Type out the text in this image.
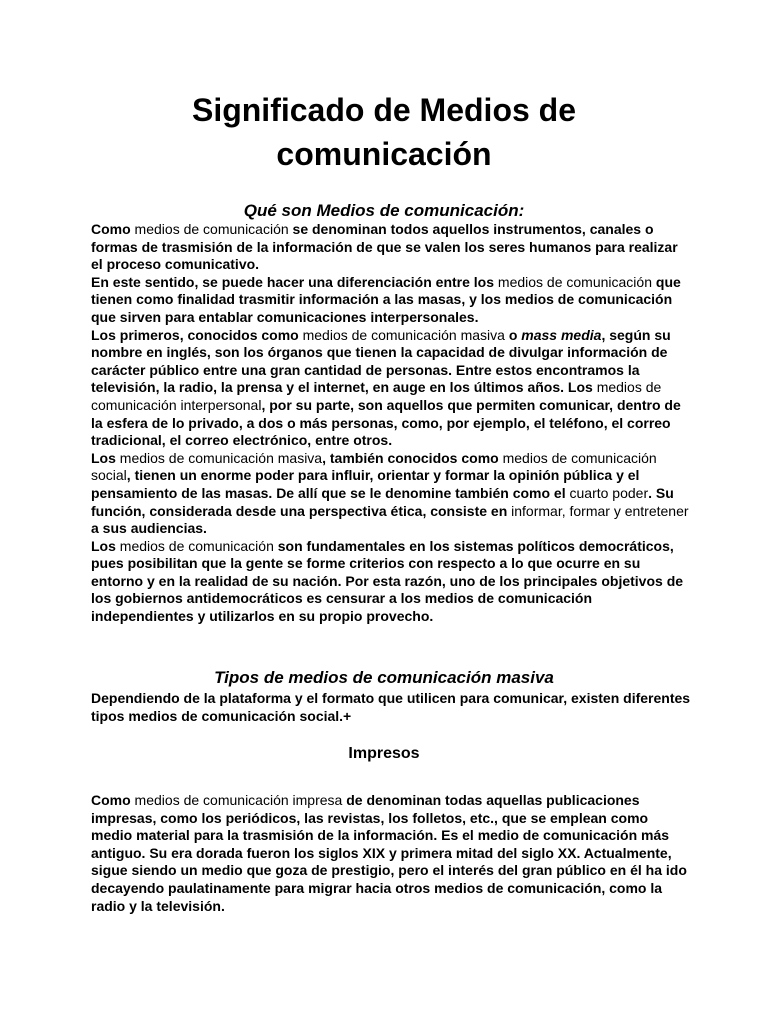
Significado de Medios de
comunicación
Qué son Medios de comunicación:

Como medios de comunicación se denominan todos aquellos instrumentos, canales o formas de trasmisión de la información de que se valen los seres humanos para realizar el proceso comunicativo.

En este sentido, se puede hacer una diferenciación entre los medios de comunicación que tienen como finalidad trasmitir información a las masas, y los medios de comunicación que sirven para entablar comunicaciones interpersonales.

Los primeros, conocidos como medios de comunicación masiva o mass media, según su nombre en inglés, son los órganos que tienen la capacidad de divulgar información de carácter público entre una gran cantidad de personas. Entre estos encontramos la televisión, la radio, la prensa y el internet, en auge en los últimos años. Los medios de comunicación interpersonal, por su parte, son aquellos que permiten comunicar, dentro de la esfera de lo privado, a dos o más personas, como, por ejemplo, el teléfono, el correo tradicional, el correo electrónico, entre otros.

Los medios de comunicación masiva, también conocidos como medios de comunicación social, tienen un enorme poder para influir, orientar y formar la opinión pública y el pensamiento de las masas. De allí que se le denomine también como el cuarto poder. Su función, considerada desde una perspectiva ética, consiste en informar, formar y entretener a sus audiencias.

Los medios de comunicación son fundamentales en los sistemas políticos democráticos, pues posibilitan que la gente se forme criterios con respecto a lo que ocurre en su entorno y en la realidad de su nación. Por esta razón, uno de los principales objetivos de los gobiernos antidemocráticos es censurar a los medios de comunicación independientes y utilizarlos en su propio provecho.

Tipos de medios de comunicación masiva

Dependiendo de la plataforma y el formato que utilicen para comunicar, existen diferentes tipos medios de comunicación social.+

Impresos

Como medios de comunicación impresa de denominan todas aquellas publicaciones impresas, como los periódicos, las revistas, los folletos, etc., que se emplean como medio material para la trasmisión de la información. Es el medio de comunicación más antiguo. Su era dorada fueron los siglos XIX y primera mitad del siglo XX. Actualmente, sigue siendo un medio que goza de prestigio, pero el interés del gran público en él ha ido decayendo paulatinamente para migrar hacia otros medios de comunicación, como la radio y la televisión.
